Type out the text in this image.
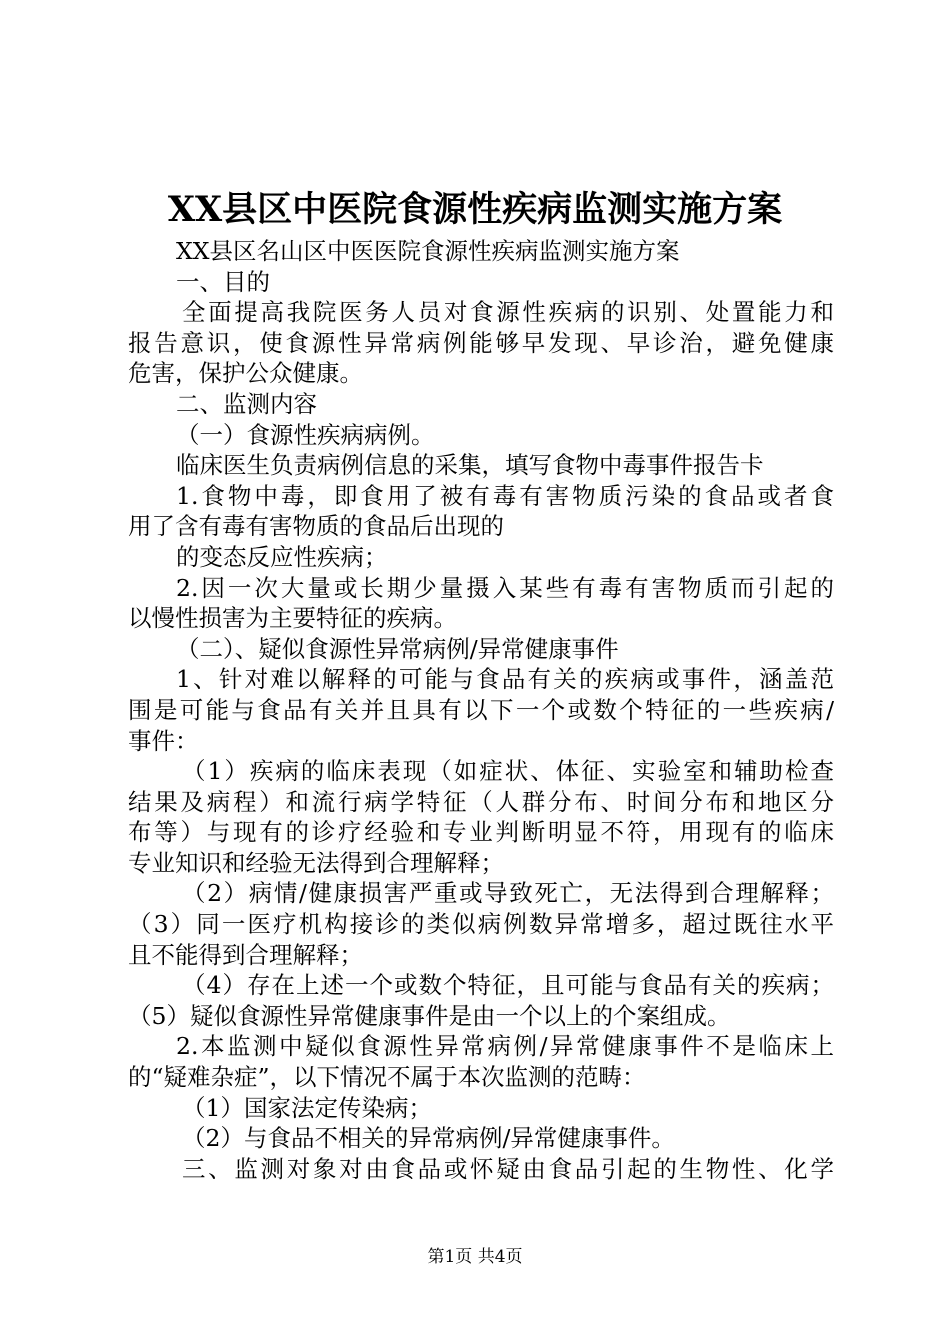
XX县区中医院食源性疾病监测实施方案
XX县区名山区中医医院食源性疾病监测实施方案
一、目的
全面提高我院医务人员对食源性疾病的识别、处置能力和
报告意识，使食源性异常病例能够早发现、早诊治，避免健康
危害，保护公众健康。
二、监测内容
（一）食源性疾病病例。
临床医生负责病例信息的采集，填写食物中毒事件报告卡
1.食物中毒，即食用了被有毒有害物质污染的食品或者食
用了含有毒有害物质的食品后出现的
的变态反应性疾病；
2.因一次大量或长期少量摄入某些有毒有害物质而引起的
以慢性损害为主要特征的疾病。
（二）、疑似食源性异常病例/异常健康事件
1、针对难以解释的可能与食品有关的疾病或事件，涵盖范
围是可能与食品有关并且具有以下一个或数个特征的一些疾病/
事件：
（1）疾病的临床表现（如症状、体征、实验室和辅助检查
结果及病程）和流行病学特征（人群分布、时间分布和地区分
布等）与现有的诊疗经验和专业判断明显不符，用现有的临床
专业知识和经验无法得到合理解释；
（2）病情/健康损害严重或导致死亡，无法得到合理解释；
（3）同一医疗机构接诊的类似病例数异常增多，超过既往水平
且不能得到合理解释；
（4）存在上述一个或数个特征，且可能与食品有关的疾病；
（5）疑似食源性异常健康事件是由一个以上的个案组成。
2.本监测中疑似食源性异常病例/异常健康事件不是临床上
的“疑难杂症”，以下情况不属于本次监测的范畴：
（1）国家法定传染病；
（2）与食品不相关的异常病例/异常健康事件。
三、监测对象对由食品或怀疑由食品引起的生物性、化学
第1页 共4页
